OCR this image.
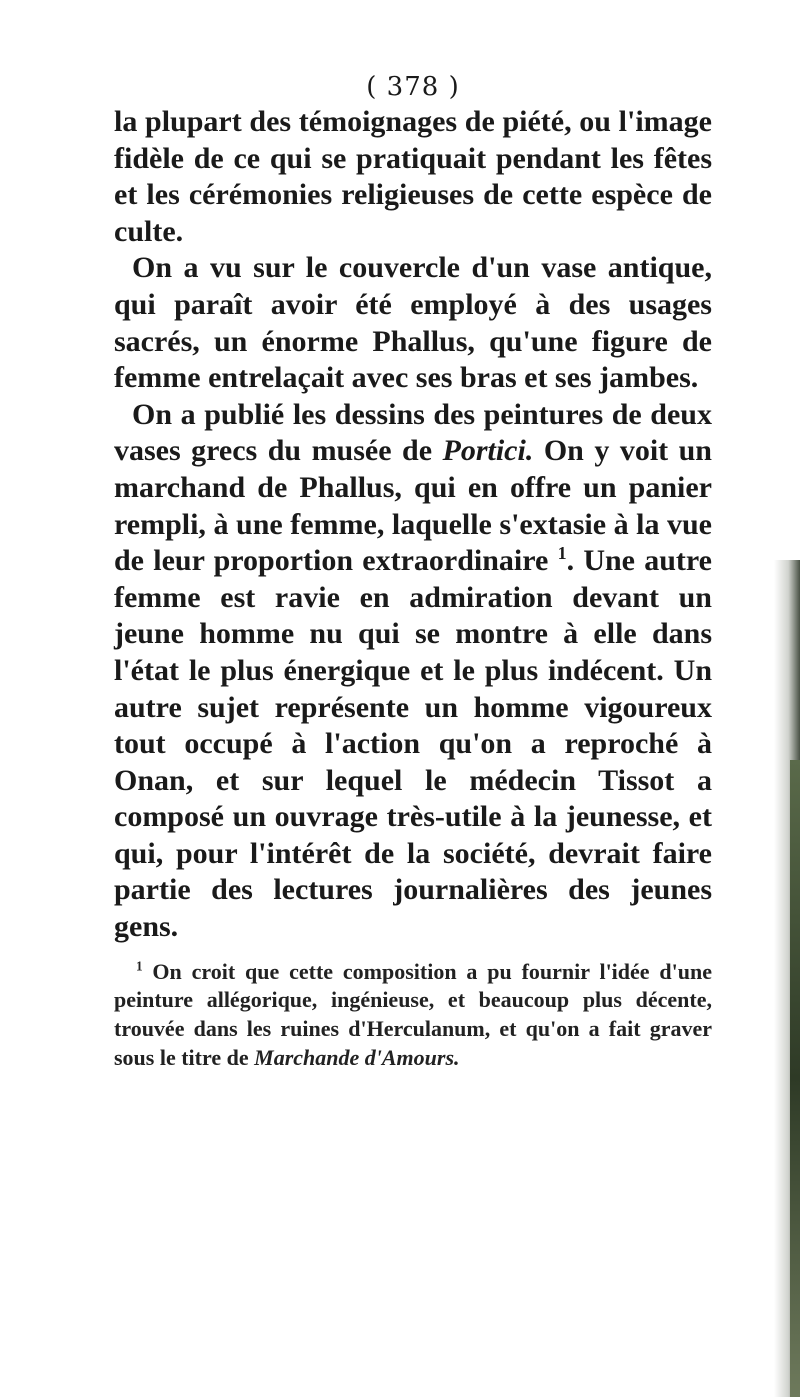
( 378 )

la plupart des témoignages de piété, ou l'image fidèle de ce qui se pratiquait pendant les fêtes et les cérémonies religieuses de cette espèce de culte.

On a vu sur le couvercle d'un vase antique, qui paraît avoir été employé à des usages sacrés, un énorme Phallus, qu'une figure de femme entrelaçait avec ses bras et ses jambes.

On a publié les dessins des peintures de deux vases grecs du musée de Portici. On y voit un marchand de Phallus, qui en offre un panier rempli, à une femme, laquelle s'extasie à la vue de leur proportion extraordinaire $^1$. Une autre femme est ravie en admiration devant un jeune homme nu qui se montre à elle dans l'état le plus énergique et le plus indécent. Un autre sujet représente un homme vigoureux tout occupé à l'action qu'on a reproché à Onan, et sur lequel le médecin Tissot a composé un ouvrage très-utile à la jeunesse, et qui, pour l'intérêt de la société, devrait faire partie des lectures journalières des jeunes gens.

$^1$ On croit que cette composition a pu fournir l'idée d'une peinture allégorique, ingénieuse, et beaucoup plus décente, trouvée dans les ruines d'Herculanum, et qu'on a fait graver sous le titre de Marchande d'Amours.
